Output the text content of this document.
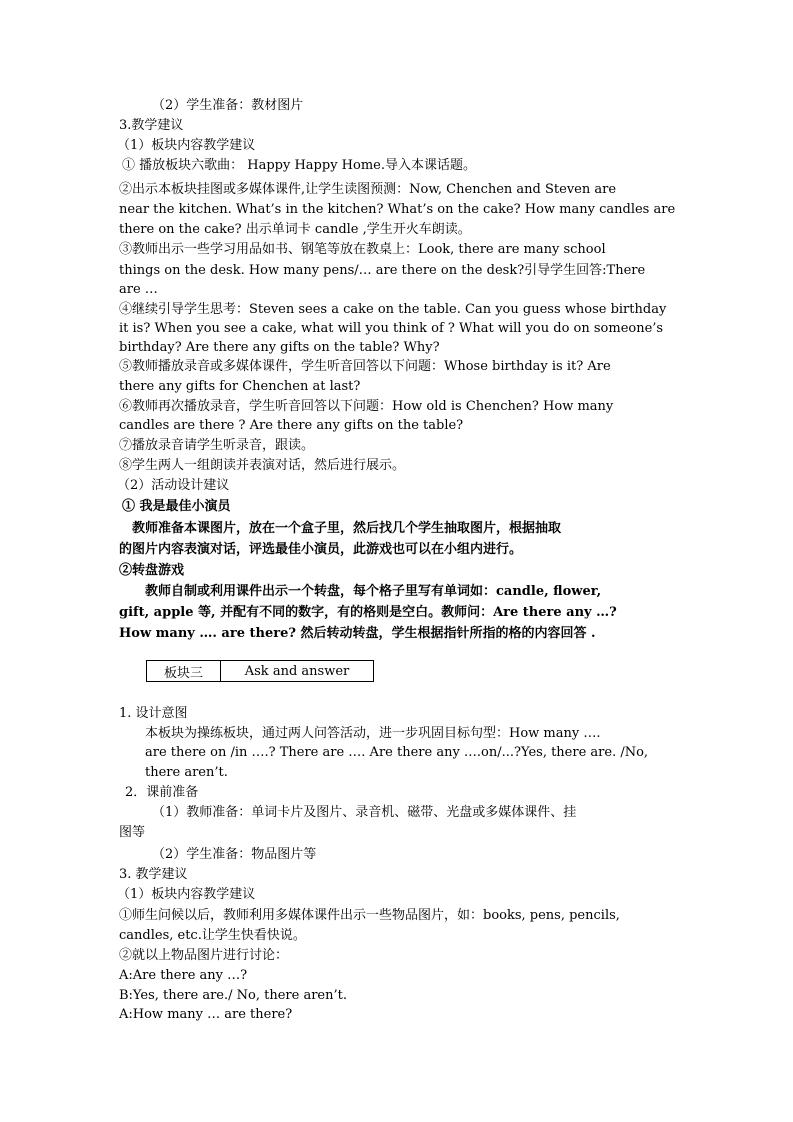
（2）学生准备：教材图片
3.教学建议
（1）板块内容教学建议
① 播放板块六歌曲： Happy Happy Home.导入本课话题。
②出示本板块挂图或多媒体课件,让学生读图预测：Now, Chenchen and Steven are
near the kitchen. What’s in the kitchen? What’s on the cake? How many candles are
there on the cake? 出示单词卡 candle ,学生开火车朗读。
③教师出示一些学习用品如书、钢笔等放在教桌上：Look, there are many school
things on the desk. How many pens/… are there on the desk?引导学生回答:There
are …
④继续引导学生思考：Steven sees a cake on the table. Can you guess whose birthday
it is? When you see a cake, what will you think of ? What will you do on someone’s
birthday? Are there any gifts on the table? Why?
⑤教师播放录音或多媒体课件，学生听音回答以下问题：Whose birthday is it? Are
there any gifts for Chenchen at last?
⑥教师再次播放录音，学生听音回答以下问题：How old is Chenchen? How many
candles are there ? Are there any gifts on the table?
⑦播放录音请学生听录音，跟读。
⑧学生两人一组朗读并表演对话，然后进行展示。
（2）活动设计建议
① 我是最佳小演员
教师准备本课图片，放在一个盒子里，然后找几个学生抽取图片，根据抽取
的图片内容表演对话，评选最佳小演员，此游戏也可以在小组内进行。
②转盘游戏
教师自制或利用课件出示一个转盘，每个格子里写有单词如：candle, flower,
gift, apple 等, 并配有不同的数字，有的格则是空白。教师问：Are there any …?
How many …. are there? 然后转动转盘，学生根据指针所指的格的内容回答 .
板块三	Ask and answer
1. 设计意图
本板块为操练板块，通过两人问答活动，进一步巩固目标句型：How many ….
are there on /in ….? There are …. Are there any ….on/...?Yes, there are. /No,
there aren’t.
2．课前准备
（1）教师准备：单词卡片及图片、录音机、磁带、光盘或多媒体课件、挂
图等
（2）学生准备：物品图片等
3. 教学建议
（1）板块内容教学建议
①师生问候以后，教师利用多媒体课件出示一些物品图片，如：books, pens, pencils,
candles, etc.让学生快看快说。
②就以上物品图片进行讨论：
A:Are there any …?
B:Yes, there are./ No, there aren’t.
A:How many … are there?
